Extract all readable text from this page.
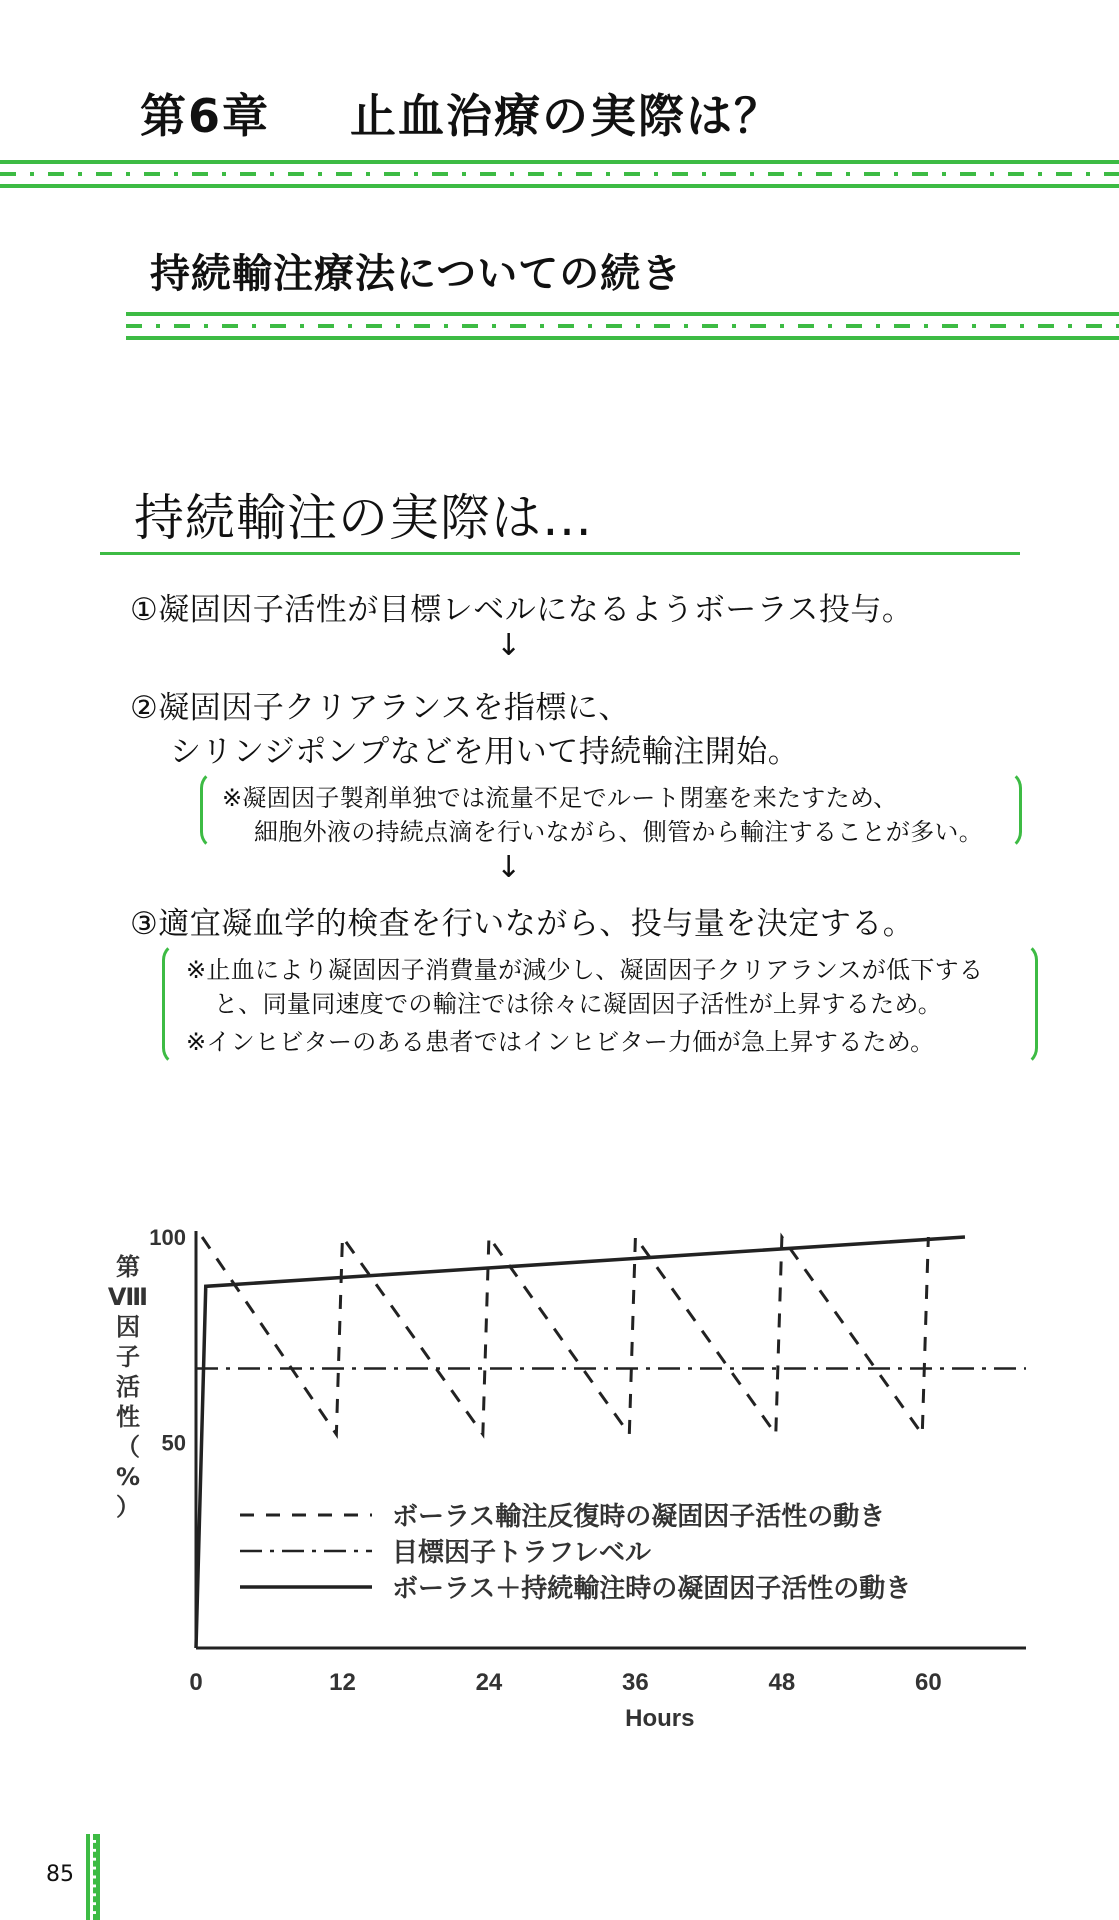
第6章 止血治療の実際は？
持続輸注療法についての続き
持続輸注の実際は…
①凝固因子活性が目標レベルになるようボーラス投与。
↓
②凝固因子クリアランスを指標に、
シリンジポンプなどを用いて持続輸注開始。
※凝固因子製剤単独では流量不足でルート閉塞を来たすため、
細胞外液の持続点滴を行いながら、側管から輸注することが多い。
↓
③適宜凝血学的検査を行いながら、投与量を決定する。
※止血により凝固因子消費量が減少し、凝固因子クリアランスが低下する
と、同量同速度での輸注では徐々に凝固因子活性が上昇するため。
※インヒビターのある患者ではインヒビター力価が急上昇するため。
0	12	24	36	48	60
50
100
Hours
第
Ⅷ
因
子
活
性
（
%
）	ボーラス輸注反復時の凝固因子活性の動き
目標因子トラフレベル
ボーラス＋持続輸注時の凝固因子活性の動き
85
